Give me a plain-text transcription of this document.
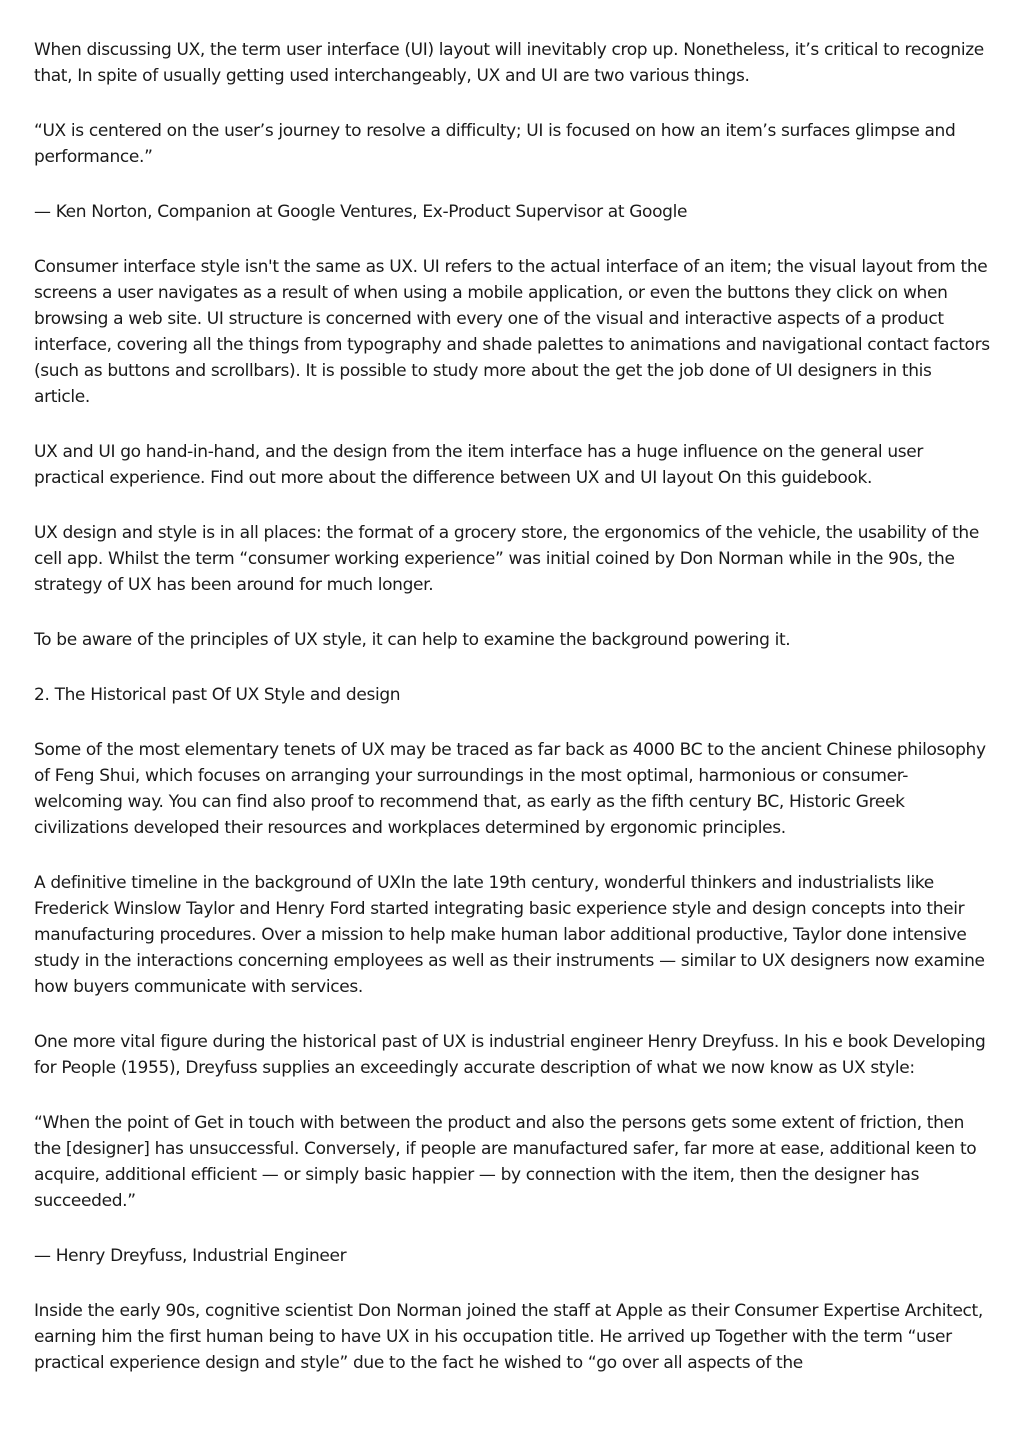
When discussing UX, the term user interface (UI) layout will inevitably crop up. Nonetheless, it’s critical to recognize that, In spite of usually getting used interchangeably, UX and UI are two various things.

“UX is centered on the user’s journey to resolve a difficulty; UI is focused on how an item’s surfaces glimpse and performance.”

— Ken Norton, Companion at Google Ventures, Ex-Product Supervisor at Google

Consumer interface style isn't the same as UX. UI refers to the actual interface of an item; the visual layout from the screens a user navigates as a result of when using a mobile application, or even the buttons they click on when browsing a web site. UI structure is concerned with every one of the visual and interactive aspects of a product interface, covering all the things from typography and shade palettes to animations and navigational contact factors (such as buttons and scrollbars). It is possible to study more about the get the job done of UI designers in this article.

UX and UI go hand-in-hand, and the design from the item interface has a huge influence on the general user practical experience. Find out more about the difference between UX and UI layout On this guidebook.

UX design and style is in all places: the format of a grocery store, the ergonomics of the vehicle, the usability of the cell app. Whilst the term “consumer working experience” was initial coined by Don Norman while in the 90s, the strategy of UX has been around for much longer.

To be aware of the principles of UX style, it can help to examine the background powering it.

2. The Historical past Of UX Style and design

Some of the most elementary tenets of UX may be traced as far back as 4000 BC to the ancient Chinese philosophy of Feng Shui, which focuses on arranging your surroundings in the most optimal, harmonious or consumer-welcoming way. You can find also proof to recommend that, as early as the fifth century BC, Historic Greek civilizations developed their resources and workplaces determined by ergonomic principles.

A definitive timeline in the background of UXIn the late 19th century, wonderful thinkers and industrialists like Frederick Winslow Taylor and Henry Ford started integrating basic experience style and design concepts into their manufacturing procedures. Over a mission to help make human labor additional productive, Taylor done intensive study in the interactions concerning employees as well as their instruments — similar to UX designers now examine how buyers communicate with services.

One more vital figure during the historical past of UX is industrial engineer Henry Dreyfuss. In his e book Developing for People (1955), Dreyfuss supplies an exceedingly accurate description of what we now know as UX style:

“When the point of Get in touch with between the product and also the persons gets some extent of friction, then the [designer] has unsuccessful. Conversely, if people are manufactured safer, far more at ease, additional keen to acquire, additional efficient — or simply basic happier — by connection with the item, then the designer has succeeded.”

— Henry Dreyfuss, Industrial Engineer

Inside the early 90s, cognitive scientist Don Norman joined the staff at Apple as their Consumer Expertise Architect, earning him the first human being to have UX in his occupation title. He arrived up Together with the term “user practical experience design and style” due to the fact he wished to “go over all aspects of the
